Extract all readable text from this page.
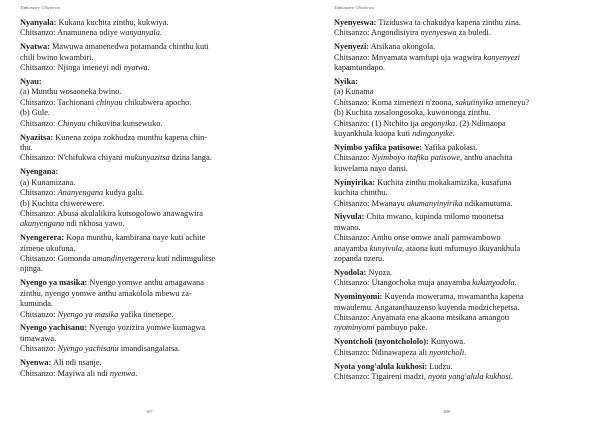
Tiphunzire Chichewa
Nyanyala: Kukana kuchita zinthu, kukwiya.
Chitsanzo: Anamunena ndiye wanyanyala.
Nyatwa: Mawuwa amanenedwa potamanda chinthu kuti
chili bwino kwambiri.
Chitsanzo: Njinga imeneyi ndi nyatwa.
Nyau:
(a) Munthu wosaoneka bwino.
Chitsanzo: Tachionani chinyau chikubwera apocho.
(b) Gule.
Chitsanzo: Chinyau chikuvina kunsewuko.
Nyazitsa: Kunena zoipa zokhudza munthu kapena chin-
thu.
Chitsanzo: N'chifukwa chiyani mukunyazitsa dzina langa.
Nyengana:
(a) Kunamizana.
Chitsanzo: Ananyengana kudya galu.
(b) Kuchita chiwerewere.
Chitsanzo: Abusa akulalikira kutsogolowo anawagwira
akunyengana ndi nkhosa yawo.
Nyengerera: Kopa munthu, kambirana naye kuti achite
zimene ukufuna.
Chitsanzo: Gomonda amandinyengerera kuti ndimugulitse
njinga.
Nyengo ya masika: Nyengo yomwe anthu amagawana
zinthu, nyengo yomwe anthu amakolola mbewu za-
kumunda.
Chitsanzo: Nyengo ya masika yafika tinenepe.
Nyengo yachisanu: Nyengo yozizira yomwe kumagwa
timawawa.
Chitsanzo: Nyengo yachisanu imandisangalatsa.
Nyenwa: Ali ndi nsanje.
Chitsanzo: Mayiwa ali ndi nyenwa.
107
Tiphunzire Chichewa
Nyenyeswa: Tiziduswa ta chakudya kapena zinthu zina.
Chitsanzo: Angondisiyira nyenyeswa za buledi.
Nyenyezi: Atsikana okongola.
Chitsanzo: Mnyamata wamfupi uja wagwira kanyenyezi
kapamtundapo.
Nyika:
(a) Kunama
Chitsanzo: Koma zimenezi n'zoona, sakutinyika ameneyu?
(b) Kuchita zosalongosoka, kuwononga zinthu.
Chitsanzo: (1) Ntchito ija angonyika. (2) Ndimaopa
kuyankhula kuopa kuti ndingonyike.
Nyimbo yafika patisowe: Yafika pakolasi.
Chitsanzo: Nyimboyo itafika patisowe, anthu anachita
kuwelama nayo dansi.
Nyinyirika: Kuchita zinthu mokakamizika, kusafuna
kuchita chinthu.
Chitsanzo: Mwanayu akumanyinyirika ndikamutuma.
Niyvula: Chita mwano, kupinda milomo moonetsa
mwano.
Chitsanzo: Anthu onse omwe anali pamwambowo
anayamba kunyivula, ataona kuti mfumuyo ikuyankhula
zopanda nzeru.
Nyodola: Nyoza.
Chitsanzo: Utangochoka muja anayamba kukunyodola.
Nyominyomi: Kuyenda mowerama, mwamantha kapena
mwaulemu. Angatanthauzenso kuyenda modzichepetsa.
Chitsanzo: Anyamata ena akaona mtsikana amangoti
nyominyomi pambuyo pake.
Nyontcholi (nyontchololo): Kunyowa.
Chitsanzo: Ndinawapeza ali nyontcholi.
Nyota yong'alula kukhosi: Ludzu.
Chitsanzo: Tigaireni madzi, nyota yang'alula kukhosi.
108
